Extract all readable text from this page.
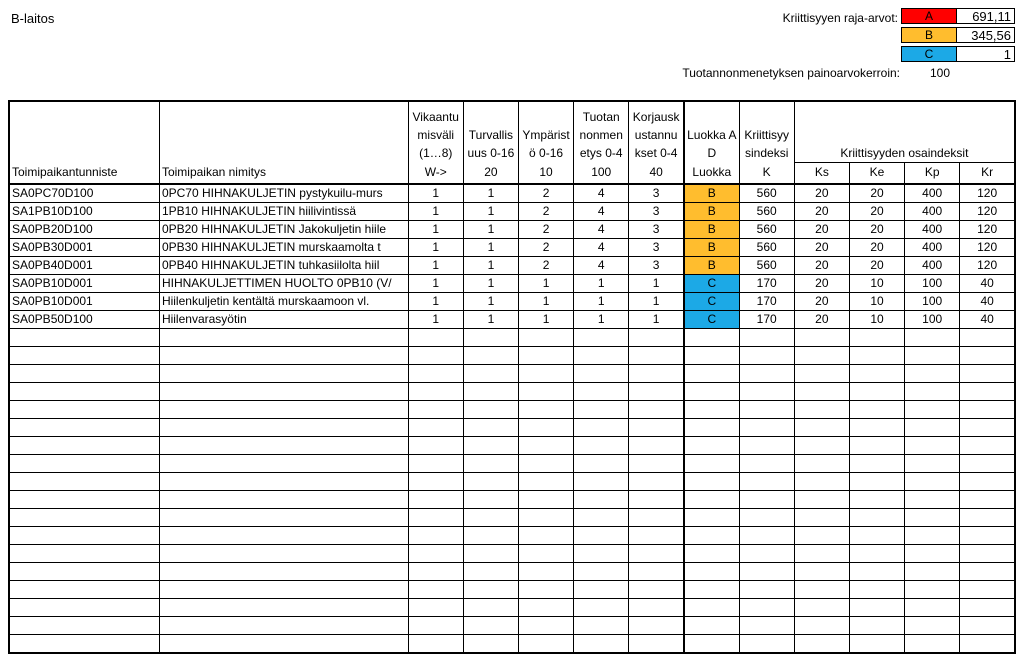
B-laitos	Kriittisyyen raja-arvot:	A	691,11
B	345,56
C	1
Tuotannonmenetyksen painoarvokerroin:	100
		Vikaantu misväli (1…8)	Turvallis uus 0-16	Ympärist ö 0-16	Tuotan nonmen etys 0-4	Korjausk ustannu kset 0-4	Luokka A D	Kriittisyy sindeksi	Kriittisyyden osaindeksit			
Toimipaikantunniste	Toimipaikan nimitys	W->	20	10	100	40	Luokka	K	Ks	Ke	Kp	Kr
SA0PC70D100	0PC70 HIHNAKULJETIN pystykuilu-murs	1	1	2	4	3	B	560	20	20	400	120
SA1PB10D100	1PB10 HIHNAKULJETIN hiilivintissä	1	1	2	4	3	B	560	20	20	400	120
SA0PB20D100	0PB20 HIHNAKULJETIN Jakokuljetin hiile	1	1	2	4	3	B	560	20	20	400	120
SA0PB30D001	0PB30 HIHNAKULJETIN murskaamolta t	1	1	2	4	3	B	560	20	20	400	120
SA0PB40D001	0PB40 HIHNAKULJETIN tuhkasiilolta hiil	1	1	2	4	3	B	560	20	20	400	120
SA0PB10D001	HIHNAKULJETTIMEN HUOLTO 0PB10 (V/	1	1	1	1	1	C	170	20	10	100	40
SA0PB10D001	Hiilenkuljetin kentältä murskaamoon vl.	1	1	1	1	1	C	170	20	10	100	40
SA0PB50D100	Hiilenvarasyötin	1	1	1	1	1	C	170	20	10	100	40
